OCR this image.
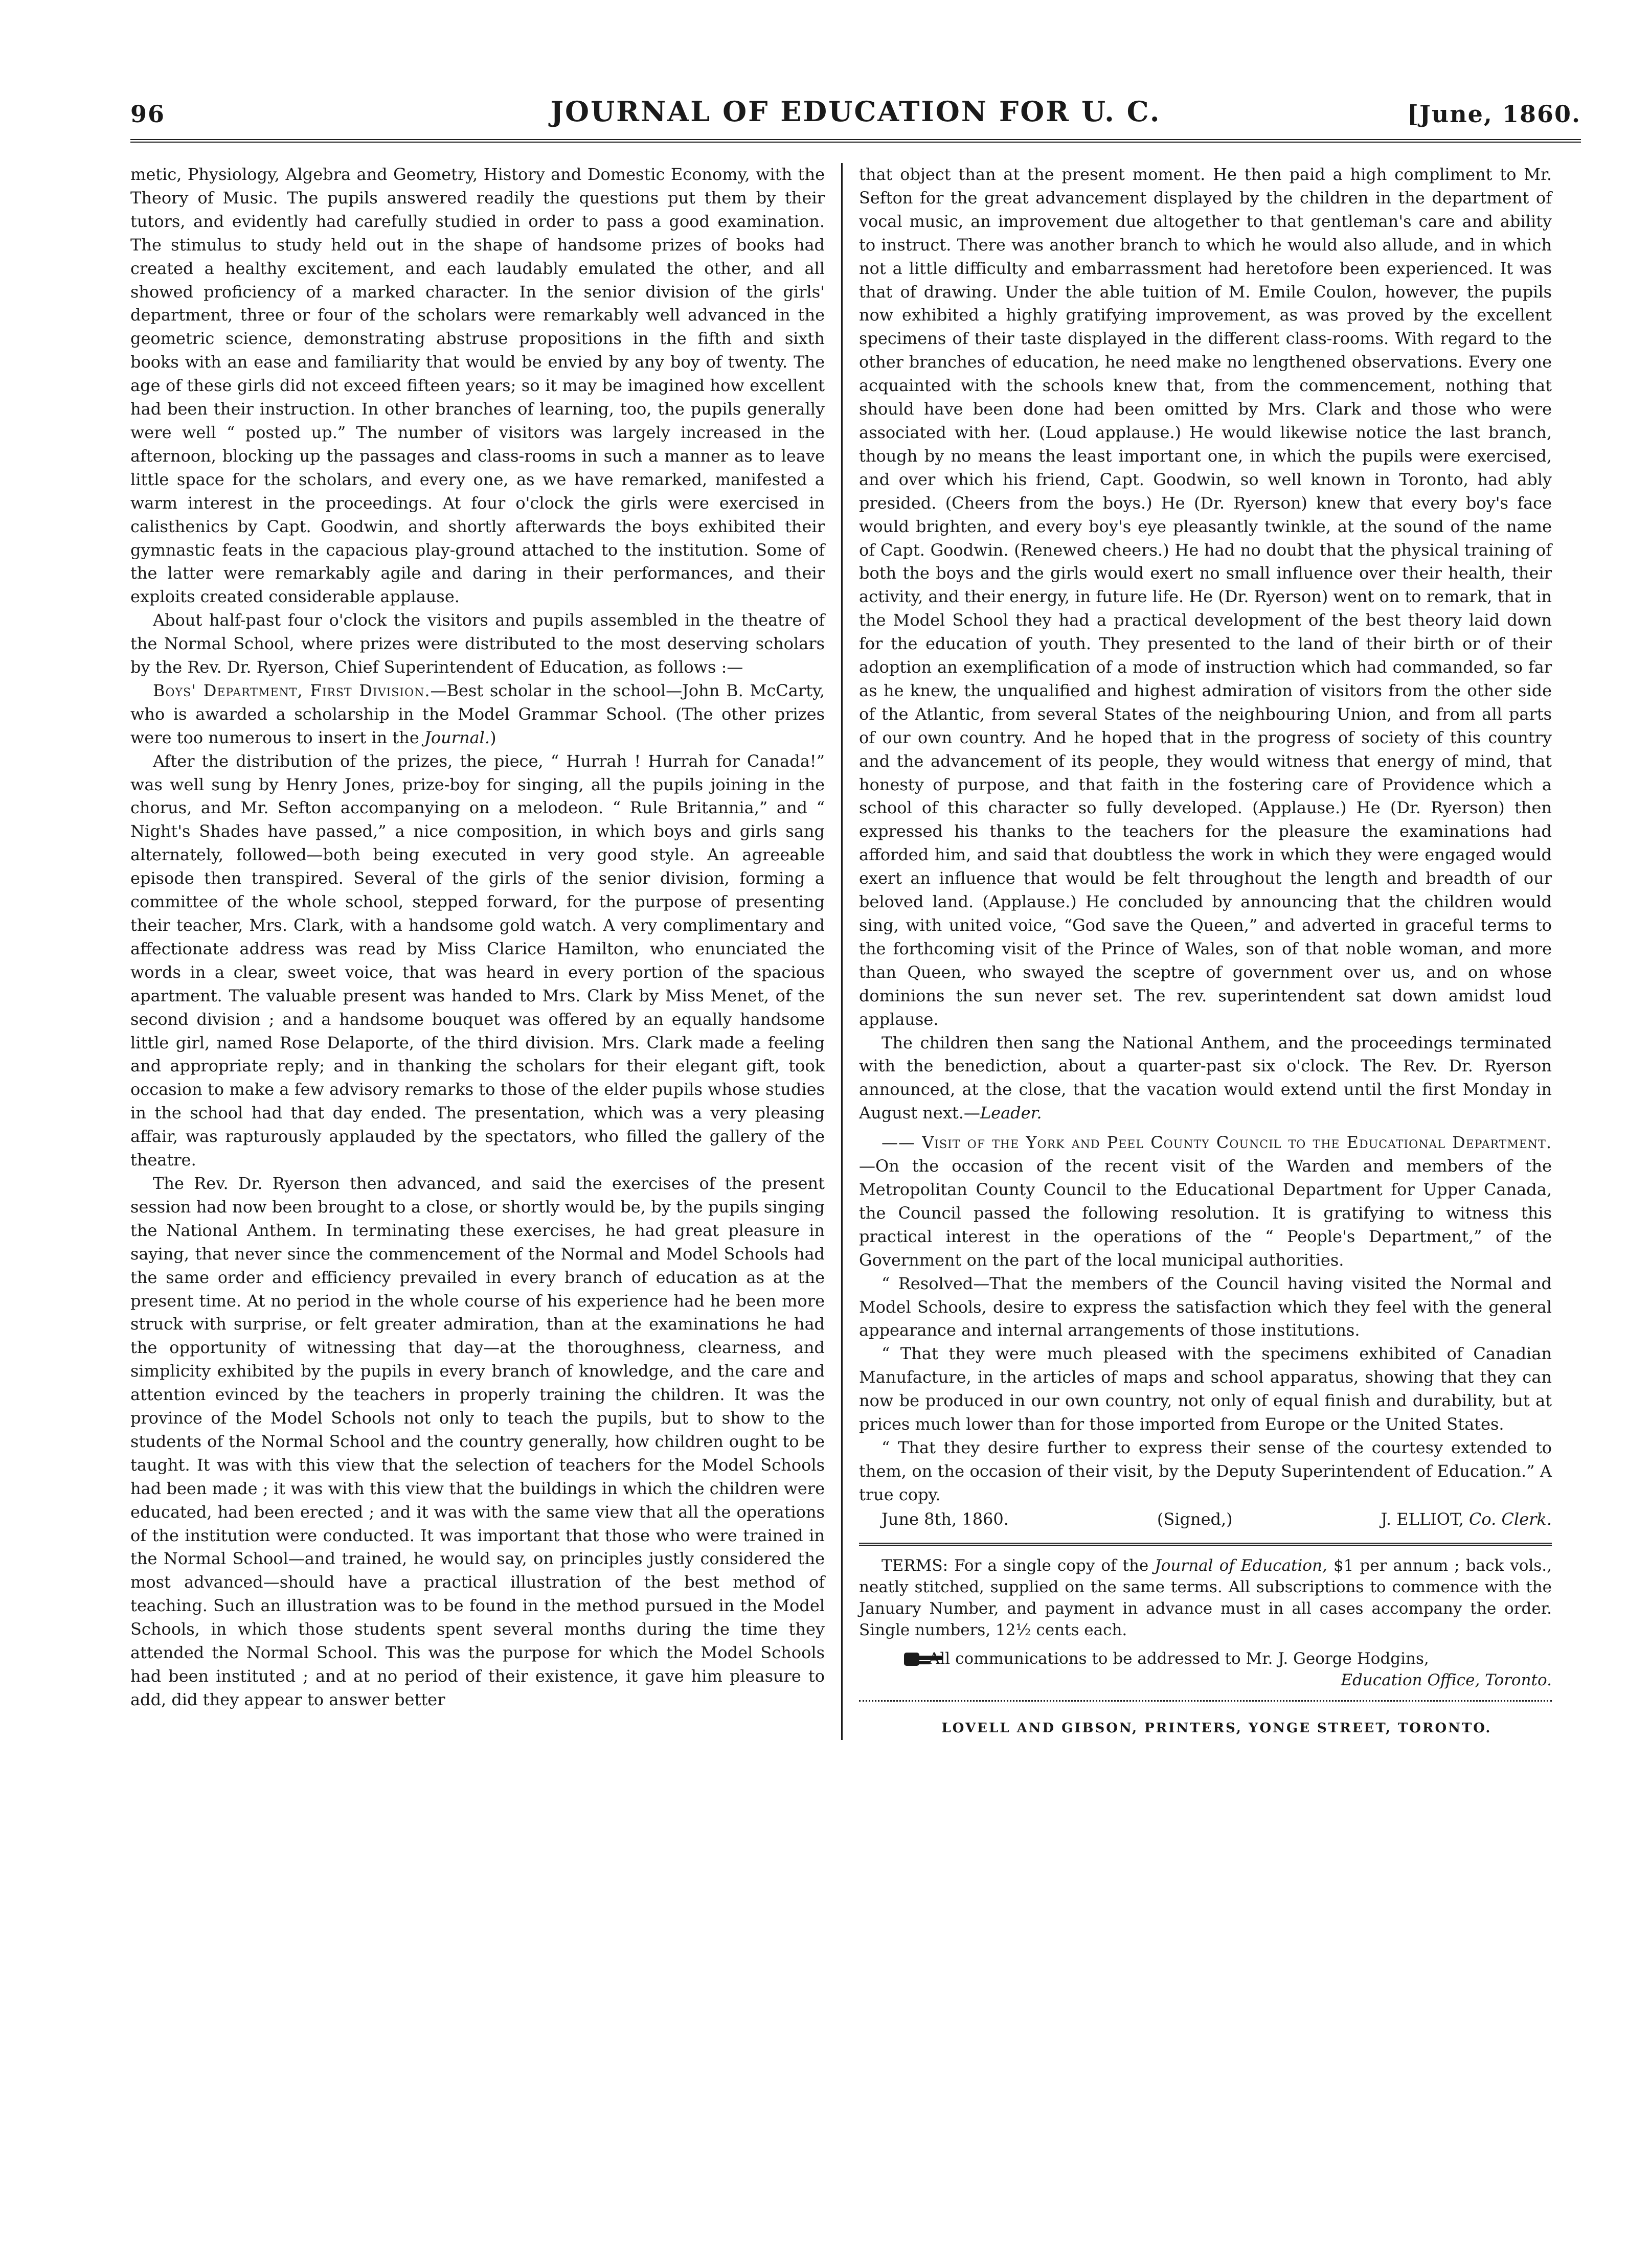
96	JOURNAL OF EDUCATION FOR U. C.	[June, 1860.

metic, Physiology, Algebra and Geometry, History and Domestic Economy, with the Theory of Music. The pupils answered readily the questions put them by their tutors, and evidently had carefully studied in order to pass a good examination. The stimulus to study held out in the shape of handsome prizes of books had created a healthy excitement, and each laudably emulated the other, and all showed proficiency of a marked character. In the senior division of the girls' department, three or four of the scholars were remarkably well advanced in the geometric science, demonstrating abstruse propositions in the fifth and sixth books with an ease and familiarity that would be envied by any boy of twenty. The age of these girls did not exceed fifteen years; so it may be imagined how excellent had been their instruction. In other branches of learning, too, the pupils generally were well “ posted up.” The number of visitors was largely increased in the afternoon, blocking up the passages and class-rooms in such a manner as to leave little space for the scholars, and every one, as we have remarked, manifested a warm interest in the proceedings. At four o'clock the girls were exercised in calisthenics by Capt. Goodwin, and shortly afterwards the boys exhibited their gymnastic feats in the capacious play-ground attached to the institution. Some of the latter were remarkably agile and daring in their performances, and their exploits created considerable applause.

About half-past four o'clock the visitors and pupils assembled in the theatre of the Normal School, where prizes were distributed to the most deserving scholars by the Rev. Dr. Ryerson, Chief Superintendent of Education, as follows :—

Boys' Department, First Division.—Best scholar in the school—John B. McCarty, who is awarded a scholarship in the Model Grammar School. (The other prizes were too numerous to insert in the Journal.)

After the distribution of the prizes, the piece, “ Hurrah ! Hurrah for Canada!” was well sung by Henry Jones, prize-boy for singing, all the pupils joining in the chorus, and Mr. Sefton accompanying on a melodeon. “ Rule Britannia,” and “ Night's Shades have passed,” a nice composition, in which boys and girls sang alternately, followed—both being executed in very good style. An agreeable episode then transpired. Several of the girls of the senior division, forming a committee of the whole school, stepped forward, for the purpose of presenting their teacher, Mrs. Clark, with a handsome gold watch. A very complimentary and affectionate address was read by Miss Clarice Hamilton, who enunciated the words in a clear, sweet voice, that was heard in every portion of the spacious apartment. The valuable present was handed to Mrs. Clark by Miss Menet, of the second division ; and a handsome bouquet was offered by an equally handsome little girl, named Rose Delaporte, of the third division. Mrs. Clark made a feeling and appropriate reply; and in thanking the scholars for their elegant gift, took occasion to make a few advisory remarks to those of the elder pupils whose studies in the school had that day ended. The presentation, which was a very pleasing affair, was rapturously applauded by the spectators, who filled the gallery of the theatre.

The Rev. Dr. Ryerson then advanced, and said the exercises of the present session had now been brought to a close, or shortly would be, by the pupils singing the National Anthem. In terminating these exercises, he had great pleasure in saying, that never since the commencement of the Normal and Model Schools had the same order and efficiency prevailed in every branch of education as at the present time. At no period in the whole course of his experience had he been more struck with surprise, or felt greater admiration, than at the examinations he had the opportunity of witnessing that day—at the thoroughness, clearness, and simplicity exhibited by the pupils in every branch of knowledge, and the care and attention evinced by the teachers in properly training the children. It was the province of the Model Schools not only to teach the pupils, but to show to the students of the Normal School and the country generally, how children ought to be taught. It was with this view that the selection of teachers for the Model Schools had been made ; it was with this view that the buildings in which the children were educated, had been erected ; and it was with the same view that all the operations of the institution were conducted. It was important that those who were trained in the Normal School—and trained, he would say, on principles justly considered the most advanced—should have a practical illustration of the best method of teaching. Such an illustration was to be found in the method pursued in the Model Schools, in which those students spent several months during the time they attended the Normal School. This was the purpose for which the Model Schools had been instituted ; and at no period of their existence, it gave him pleasure to add, did they appear to answer better

that object than at the present moment. He then paid a high compliment to Mr. Sefton for the great advancement displayed by the children in the department of vocal music, an improvement due altogether to that gentleman's care and ability to instruct. There was another branch to which he would also allude, and in which not a little difficulty and embarrassment had heretofore been experienced. It was that of drawing. Under the able tuition of M. Emile Coulon, however, the pupils now exhibited a highly gratifying improvement, as was proved by the excellent specimens of their taste displayed in the different class-rooms. With regard to the other branches of education, he need make no lengthened observations. Every one acquainted with the schools knew that, from the commencement, nothing that should have been done had been omitted by Mrs. Clark and those who were associated with her. (Loud applause.) He would likewise notice the last branch, though by no means the least important one, in which the pupils were exercised, and over which his friend, Capt. Goodwin, so well known in Toronto, had ably presided. (Cheers from the boys.) He (Dr. Ryerson) knew that every boy's face would brighten, and every boy's eye pleasantly twinkle, at the sound of the name of Capt. Goodwin. (Renewed cheers.) He had no doubt that the physical training of both the boys and the girls would exert no small influence over their health, their activity, and their energy, in future life. He (Dr. Ryerson) went on to remark, that in the Model School they had a practical development of the best theory laid down for the education of youth. They presented to the land of their birth or of their adoption an exemplification of a mode of instruction which had commanded, so far as he knew, the unqualified and highest admiration of visitors from the other side of the Atlantic, from several States of the neighbouring Union, and from all parts of our own country. And he hoped that in the progress of society of this country and the advancement of its people, they would witness that energy of mind, that honesty of purpose, and that faith in the fostering care of Providence which a school of this character so fully developed. (Applause.) He (Dr. Ryerson) then expressed his thanks to the teachers for the pleasure the examinations had afforded him, and said that doubtless the work in which they were engaged would exert an influence that would be felt throughout the length and breadth of our beloved land. (Applause.) He concluded by announcing that the children would sing, with united voice, “God save the Queen,” and adverted in graceful terms to the forthcoming visit of the Prince of Wales, son of that noble woman, and more than Queen, who swayed the sceptre of government over us, and on whose dominions the sun never set. The rev. superintendent sat down amidst loud applause.

The children then sang the National Anthem, and the proceedings terminated with the benediction, about a quarter-past six o'clock. The Rev. Dr. Ryerson announced, at the close, that the vacation would extend until the first Monday in August next.—Leader.

—— Visit of the York and Peel County Council to the Educational Department.—On the occasion of the recent visit of the Warden and members of the Metropolitan County Council to the Educational Department for Upper Canada, the Council passed the following resolution. It is gratifying to witness this practical interest in the operations of the “ People's Department,” of the Government on the part of the local municipal authorities.

“ Resolved—That the members of the Council having visited the Normal and Model Schools, desire to express the satisfaction which they feel with the general appearance and internal arrangements of those institutions.

“ That they were much pleased with the specimens exhibited of Canadian Manufacture, in the articles of maps and school apparatus, showing that they can now be produced in our own country, not only of equal finish and durability, but at prices much lower than for those imported from Europe or the United States.

“ That they desire further to express their sense of the courtesy extended to them, on the occasion of their visit, by the Deputy Superintendent of Education.” A true copy.

June 8th, 1860.	(Signed,)	J. ELLIOT, Co. Clerk.

TERMS: For a single copy of the Journal of Education, $1 per annum ; back vols., neatly stitched, supplied on the same terms. All subscriptions to commence with the January Number, and payment in advance must in all cases accompany the order. Single numbers, 12½ cents each.

All communications to be addressed to Mr. J. George Hodgins,

Education Office, Toronto.

LOVELL AND GIBSON, PRINTERS, YONGE STREET, TORONTO.
